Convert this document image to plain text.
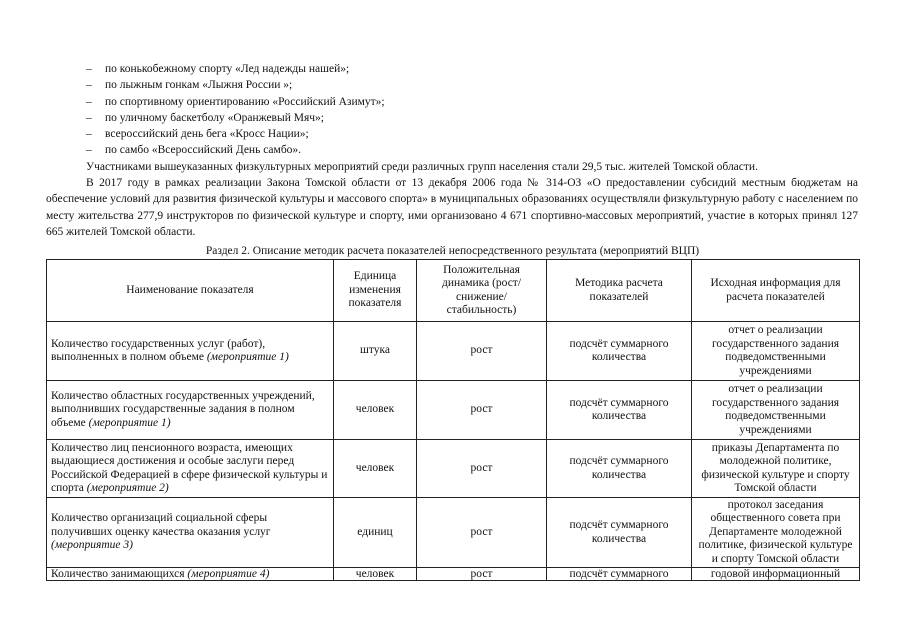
– по конькобежному спорту «Лед надежды нашей»;
– по лыжным гонкам «Лыжня России »;
– по спортивному ориентированию «Российский Азимут»;
– по уличному баскетболу «Оранжевый Мяч»;
– всероссийский день бега «Кросс Нации»;
– по самбо «Всероссийский День самбо».

Участниками вышеуказанных физкультурных мероприятий среди различных групп населения стали 29,5 тыс. жителей Томской области.

В 2017 году в рамках реализации Закона Томской области от 13 декабря 2006 года № 314-ОЗ «О предоставлении субсидий местным бюджетам на обеспечение условий для развития физической культуры и массового спорта» в муниципальных образованиях осуществляли физкультурную работу с населением по месту жительства 277,9 инструкторов по физической культуре и спорту, ими организовано 4 671 спортивно-массовых мероприятий, участие в которых принял 127 665 жителей Томской области.

Раздел 2. Описание методик расчета показателей непосредственного результата (мероприятий ВЦП)
Наименование показателя	Единица изменения показателя	Положительная динамика (рост/ снижение/ стабильность)	Методика расчета показателей	Исходная информация для расчета показателей
Количество государственных услуг (работ), выполненных в полном объеме (мероприятие 1)	штука	рост	подсчёт суммарного количества	отчет о реализации государственного задания подведомственными учреждениями
Количество областных государственных учреждений, выполнивших государственные задания в полном объеме (мероприятие 1)	человек	рост	подсчёт суммарного количества	отчет о реализации государственного задания подведомственными учреждениями
Количество лиц пенсионного возраста, имеющих выдающиеся достижения и особые заслуги перед Российской Федерацией в сфере физической культуры и спорта (мероприятие 2)	человек	рост	подсчёт суммарного количества	приказы Департамента по молодежной политике, физической культуре и спорту Томской области
Количество организаций социальной сферы получивших оценку качества оказания услуг (мероприятие 3)	единиц	рост	подсчёт суммарного количества	протокол заседания общественного совета при Департаменте молодежной политике, физической культуре и спорту Томской области

Количество занимающихся (мероприятие 4)	человек	рост	подсчёт суммарного	годовой информационный
